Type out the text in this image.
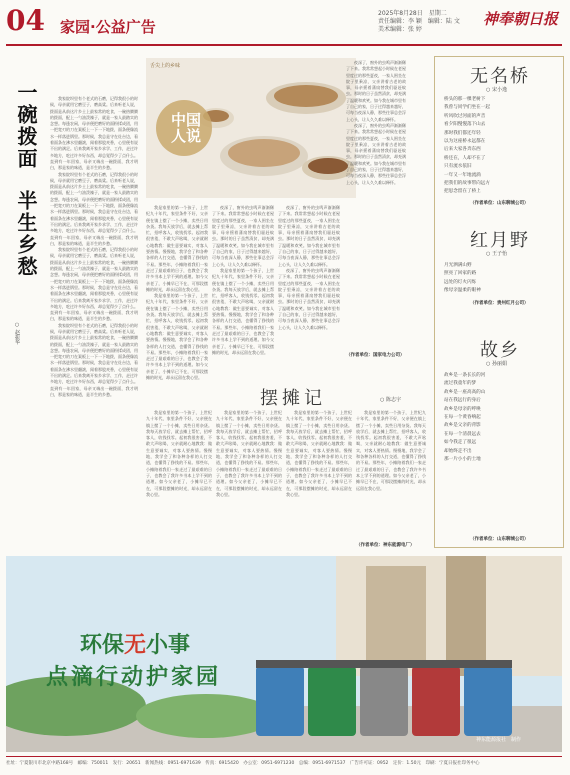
04 家园·公益广告
2025年8月28日　星期二
责任编辑：李 颖　编辑：陆 文　美术编辑：张 婷
神奉朝日报
一碗拨面
半生乡愁
○ 赵振华

我家院坝里有个老式的石磨，记得我很小的时候，母亲就用它磨豆子，磨高粱。后来听老人说，拨面是从前这片乡土上最家常的吃食，一碗热腾腾的拨面，配上一勺油泼辣子，就是一家人最踏实的念想。每逢农闲，母亲便把磨好的面粉揉成团，用一把宽刃的刀在案板上一下一下地拨，面条便像流水一样落进锅里。那时候，我总是守在灶台边，看着面条在沸水里翻滚，闻着那股麦香，心里便有说不出的满足。后来我离开家乡求学、工作，走过许多地方，吃过许多好东西，却总觉得少了点什么。直到有一年回家，母亲又端出一碗拨面，我才明白，那是家的味道，是半生的乡愁。

我家院坝里有个老式的石磨，记得我很小的时候，母亲就用它磨豆子，磨高粱。后来听老人说，拨面是从前这片乡土上最家常的吃食，一碗热腾腾的拨面，配上一勺油泼辣子，就是一家人最踏实的念想。每逢农闲，母亲便把磨好的面粉揉成团，用一把宽刃的刀在案板上一下一下地拨，面条便像流水一样落进锅里。那时候，我总是守在灶台边，看着面条在沸水里翻滚，闻着那股麦香，心里便有说不出的满足。后来我离开家乡求学、工作，走过许多地方，吃过许多好东西，却总觉得少了点什么。直到有一年回家，母亲又端出一碗拨面，我才明白，那是家的味道，是半生的乡愁。

我家院坝里有个老式的石磨，记得我很小的时候，母亲就用它磨豆子，磨高粱。后来听老人说，拨面是从前这片乡土上最家常的吃食，一碗热腾腾的拨面，配上一勺油泼辣子，就是一家人最踏实的念想。每逢农闲，母亲便把磨好的面粉揉成团，用一把宽刃的刀在案板上一下一下地拨，面条便像流水一样落进锅里。那时候，我总是守在灶台边，看着面条在沸水里翻滚，闻着那股麦香，心里便有说不出的满足。后来我离开家乡求学、工作，走过许多地方，吃过许多好东西，却总觉得少了点什么。直到有一年回家，母亲又端出一碗拨面，我才明白，那是家的味道，是半生的乡愁。

我家院坝里有个老式的石磨，记得我很小的时候，母亲就用它磨豆子，磨高粱。后来听老人说，拨面是从前这片乡土上最家常的吃食，一碗热腾腾的拨面，配上一勺油泼辣子，就是一家人最踏实的念想。每逢农闲，母亲便把磨好的面粉揉成团，用一把宽刃的刀在案板上一下一下地拨，面条便像流水一样落进锅里。那时候，我总是守在灶台边，看着面条在沸水里翻滚，闻着那股麦香，心里便有说不出的满足。后来我离开家乡求学、工作，走过许多地方，吃过许多好东西，却总觉得少了点什么。直到有一年回家，母亲又端出一碗拨面，我才明白，那是家的味道，是半生的乡愁。

舌尖上的乡味
中国人说

我是家里的第一个孩子，上世纪九十年代，家里条件不好，父亲便在镇上摆了一个小摊，卖些日用杂货。我每天放学后，就去摊上帮忙，招呼客人，收钱找零。起初我很害羞，不敢大声吆喝，父亲就耐心地教我：做生意要诚实，对客人要热情。慢慢地，我学会了和各种各样的人打交道，也懂得了挣钱的不易。那些年，小摊陪着我们一家走过了最艰难的日子，也教会了我许多书本上学不到的道理。如今父亲老了，小摊早已不在，可那段摆摊的时光，却永远留在我心里。

我是家里的第一个孩子，上世纪九十年代，家里条件不好，父亲便在镇上摆了一个小摊，卖些日用杂货。我每天放学后，就去摊上帮忙，招呼客人，收钱找零。起初我很害羞，不敢大声吆喝，父亲就耐心地教我：做生意要诚实，对客人要热情。慢慢地，我学会了和各种各样的人打交道，也懂得了挣钱的不易。那些年，小摊陪着我们一家走过了最艰难的日子，也教会了我许多书本上学不到的道理。如今父亲老了，小摊早已不在，可那段摆摊的时光，却永远留在我心里。

夜深了，窗外的虫鸣声渐渐稀了下来。我常常想起小时候在老屋里度过的那些夏夜，一家人围坐在院子里乘凉，父亲讲着古老的故事，母亲摇着蒲扇替我们驱赶蚊虫。那时的日子虽然清贫，却充满了温暖和欢笑。如今我在城市里有了自己的家，日子过得越来越好，可每当夜深人静，那些往事总会浮上心头，让人久久难以释怀。

我是家里的第一个孩子，上世纪九十年代，家里条件不好，父亲便在镇上摆了一个小摊，卖些日用杂货。我每天放学后，就去摊上帮忙，招呼客人，收钱找零。起初我很害羞，不敢大声吆喝，父亲就耐心地教我：做生意要诚实，对客人要热情。慢慢地，我学会了和各种各样的人打交道，也懂得了挣钱的不易。那些年，小摊陪着我们一家走过了最艰难的日子，也教会了我许多书本上学不到的道理。如今父亲老了，小摊早已不在，可那段摆摊的时光，却永远留在我心里。

夜深了，窗外的虫鸣声渐渐稀了下来。我常常想起小时候在老屋里度过的那些夏夜，一家人围坐在院子里乘凉，父亲讲着古老的故事，母亲摇着蒲扇替我们驱赶蚊虫。那时的日子虽然清贫，却充满了温暖和欢笑。如今我在城市里有了自己的家，日子过得越来越好，可每当夜深人静，那些往事总会浮上心头，让人久久难以释怀。

夜深了，窗外的虫鸣声渐渐稀了下来。我常常想起小时候在老屋里度过的那些夏夜，一家人围坐在院子里乘凉，父亲讲着古老的故事，母亲摇着蒲扇替我们驱赶蚊虫。那时的日子虽然清贫，却充满了温暖和欢笑。如今我在城市里有了自己的家，日子过得越来越好，可每当夜深人静，那些往事总会浮上心头，让人久久难以释怀。

夜深了，窗外的虫鸣声渐渐稀了下来。我常常想起小时候在老屋里度过的那些夏夜，一家人围坐在院子里乘凉，父亲讲着古老的故事，母亲摇着蒲扇替我们驱赶蚊虫。那时的日子虽然清贫，却充满了温暖和欢笑。如今我在城市里有了自己的家，日子过得越来越好，可每当夜深人静，那些往事总会浮上心头，让人久久难以释怀。

夜深了，窗外的虫鸣声渐渐稀了下来。我常常想起小时候在老屋里度过的那些夏夜，一家人围坐在院子里乘凉，父亲讲着古老的故事，母亲摇着蒲扇替我们驱赶蚊虫。那时的日子虽然清贫，却充满了温暖和欢笑。如今我在城市里有了自己的家，日子过得越来越好，可每当夜深人静，那些往事总会浮上心头，让人久久难以释怀。

（作者单位：国家电力公司）
摆摊记	○ 陈志宇

我是家里的第一个孩子，上世纪九十年代，家里条件不好，父亲便在镇上摆了一个小摊，卖些日用杂货。我每天放学后，就去摊上帮忙，招呼客人，收钱找零。起初我很害羞，不敢大声吆喝，父亲就耐心地教我：做生意要诚实，对客人要热情。慢慢地，我学会了和各种各样的人打交道，也懂得了挣钱的不易。那些年，小摊陪着我们一家走过了最艰难的日子，也教会了我许多书本上学不到的道理。如今父亲老了，小摊早已不在，可那段摆摊的时光，却永远留在我心里。

我是家里的第一个孩子，上世纪九十年代，家里条件不好，父亲便在镇上摆了一个小摊，卖些日用杂货。我每天放学后，就去摊上帮忙，招呼客人，收钱找零。起初我很害羞，不敢大声吆喝，父亲就耐心地教我：做生意要诚实，对客人要热情。慢慢地，我学会了和各种各样的人打交道，也懂得了挣钱的不易。那些年，小摊陪着我们一家走过了最艰难的日子，也教会了我许多书本上学不到的道理。如今父亲老了，小摊早已不在，可那段摆摊的时光，却永远留在我心里。

我是家里的第一个孩子，上世纪九十年代，家里条件不好，父亲便在镇上摆了一个小摊，卖些日用杂货。我每天放学后，就去摊上帮忙，招呼客人，收钱找零。起初我很害羞，不敢大声吆喝，父亲就耐心地教我：做生意要诚实，对客人要热情。慢慢地，我学会了和各种各样的人打交道，也懂得了挣钱的不易。那些年，小摊陪着我们一家走过了最艰难的日子，也教会了我许多书本上学不到的道理。如今父亲老了，小摊早已不在，可那段摆摊的时光，却永远留在我心里。

我是家里的第一个孩子，上世纪九十年代，家里条件不好，父亲便在镇上摆了一个小摊，卖些日用杂货。我每天放学后，就去摊上帮忙，招呼客人，收钱找零。起初我很害羞，不敢大声吆喝，父亲就耐心地教我：做生意要诚实，对客人要热情。慢慢地，我学会了和各种各样的人打交道，也懂得了挣钱的不易。那些年，小摊陪着我们一家走过了最艰难的日子，也教会了我许多书本上学不到的道理。如今父亲老了，小摊早已不在，可那段摆摊的时光，却永远留在我心里。

（作者单位：神东能源电厂）
无名桥
○ 宋小逸
桥头的那一棵老树下
我曾与同学们坐在一起
听风吹过河面的声音
看夕阳慢慢落下山去
那时我们都还年轻
以为这座桥永远都在
后来大家各奔东西
桥还在，人却不在了
只有流水依旧
一年又一年地流淌
把我们的故事带向远方
把思念留在了桥上
（作者单位：山东聊城公司）
红月野
○ 王子怡
月光洒满山野
照亮了回家的路
远处的灯火闪烁
像母亲温柔的眼神
（作者单位：贵州红月公司）
故乡
○ 孙丽娟
故乡是一条长长的河
流过我童年的梦
故乡是一座高高的山
站在我远行的身后
故乡是母亲的呼唤
在每一个黄昏响起
故乡是父亲的背影
在每一个清晨远去
如今我走了很远
却始终走不出
那一片小小的土地
（作者单位：山东聊城公司）
环保无小事
点滴行动护家园
神东能源报社　制作
社址：宁夏银川市北京中路168号　邮编：750011　发行：20651　新闻热线：0951-6971639　传真：6915420　办公室：0951-6971230　总编：0951-6971537　广告许可证：0952　定价：1.50元　印刷：宁夏日报社印务中心
